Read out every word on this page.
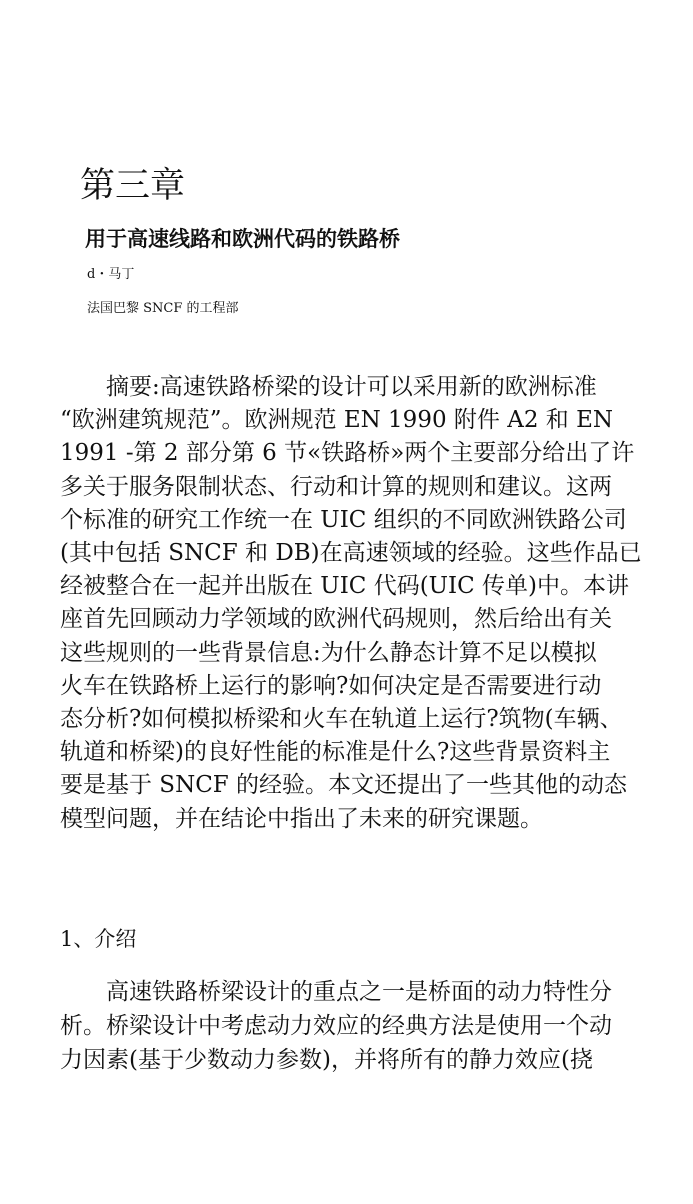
第三章
用于高速线路和欧洲代码的铁路桥
d・马丁
法国巴黎 SNCF 的工程部

　　摘要:高速铁路桥梁的设计可以采用新的欧洲标准
“欧洲建筑规范”。欧洲规范 EN 1990 附件 A2 和 EN
1991 -第 2 部分第 6 节«铁路桥»两个主要部分给出了许
多关于服务限制状态、行动和计算的规则和建议。这两
个标准的研究工作统一在 UIC 组织的不同欧洲铁路公司
(其中包括 SNCF 和 DB)在高速领域的经验。这些作品已
经被整合在一起并出版在 UIC 代码(UIC 传单)中。本讲
座首先回顾动力学领域的欧洲代码规则，然后给出有关
这些规则的一些背景信息:为什么静态计算不足以模拟
火车在铁路桥上运行的影响?如何决定是否需要进行动
态分析?如何模拟桥梁和火车在轨道上运行?筑物(车辆、
轨道和桥梁)的良好性能的标准是什么?这些背景资料主
要是基于 SNCF 的经验。本文还提出了一些其他的动态
模型问题，并在结论中指出了未来的研究课题。

1、介绍

　　高速铁路桥梁设计的重点之一是桥面的动力特性分
析。桥梁设计中考虑动力效应的经典方法是使用一个动
力因素(基于少数动力参数)，并将所有的静力效应(挠
